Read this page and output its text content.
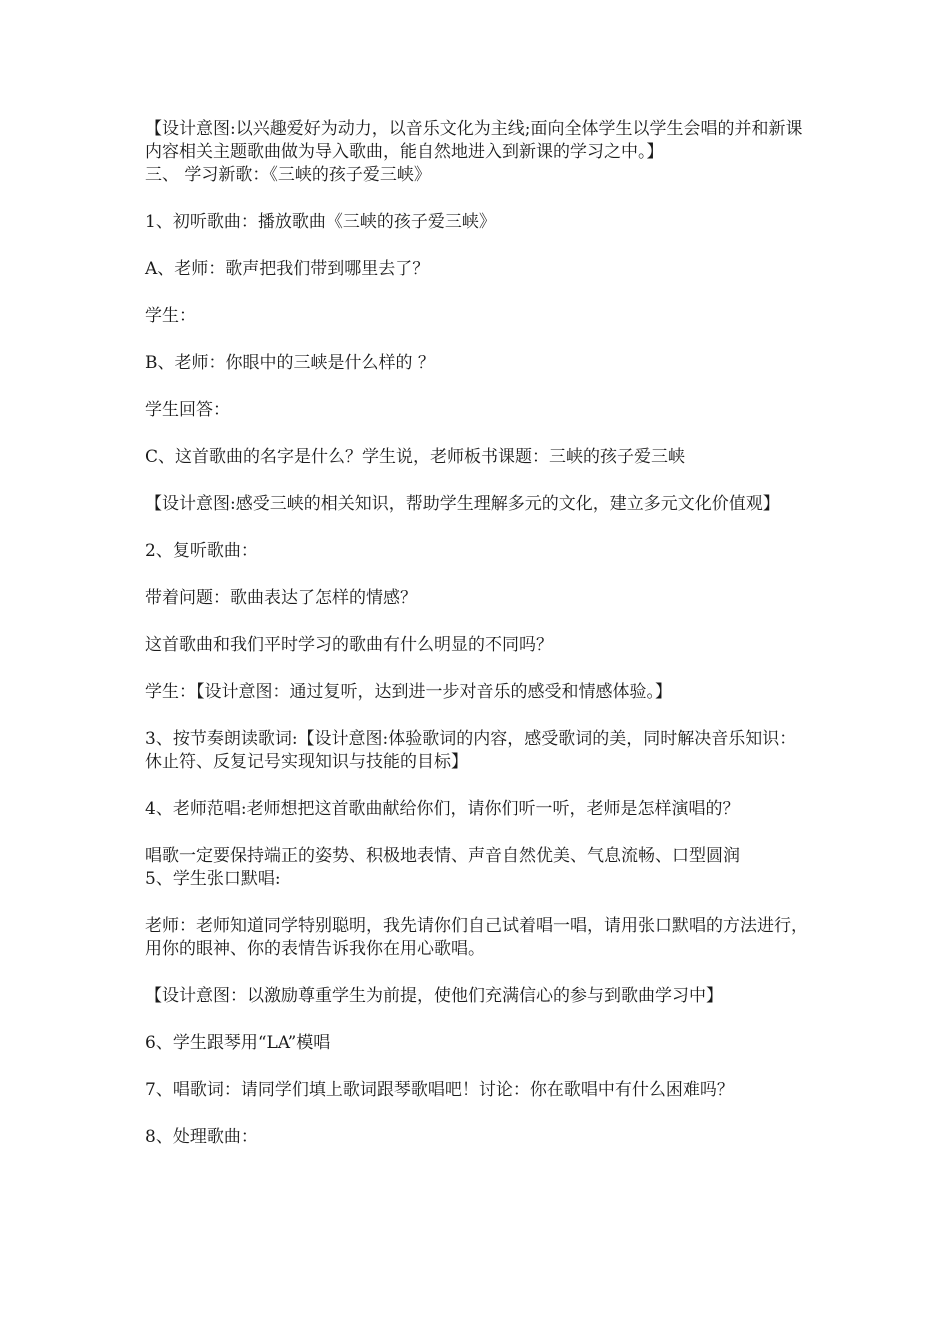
【设计意图:以兴趣爱好为动力，以音乐文化为主线;面向全体学生以学生会唱的并和新课内容相关主题歌曲做为导入歌曲，能自然地进入到新课的学习之中。】

三、 学习新歌：《三峡的孩子爱三峡》

1、初听歌曲：播放歌曲《三峡的孩子爱三峡》

A、老师：歌声把我们带到哪里去了？

学生：

B、老师：你眼中的三峡是什么样的 ？

学生回答：

C、这首歌曲的名字是什么？学生说，老师板书课题：三峡的孩子爱三峡

【设计意图:感受三峡的相关知识，帮助学生理解多元的文化，建立多元文化价值观】

2、复听歌曲：

带着问题：歌曲表达了怎样的情感？

这首歌曲和我们平时学习的歌曲有什么明显的不同吗？

学生：【设计意图：通过复听，达到进一步对音乐的感受和情感体验。】

3、按节奏朗读歌词:【设计意图:体验歌词的内容，感受歌词的美，同时解决音乐知识：休止符、反复记号实现知识与技能的目标】

4、老师范唱:老师想把这首歌曲献给你们，请你们听一听，老师是怎样演唱的？

唱歌一定要保持端正的姿势、积极地表情、声音自然优美、气息流畅、口型圆润

5、学生张口默唱:

老师：老师知道同学特别聪明，我先请你们自己试着唱一唱，请用张口默唱的方法进行，用你的眼神、你的表情告诉我你在用心歌唱。

【设计意图：以激励尊重学生为前提，使他们充满信心的参与到歌曲学习中】

6、学生跟琴用“LA”模唱

7、唱歌词：请同学们填上歌词跟琴歌唱吧！讨论：你在歌唱中有什么困难吗？

8、处理歌曲：
